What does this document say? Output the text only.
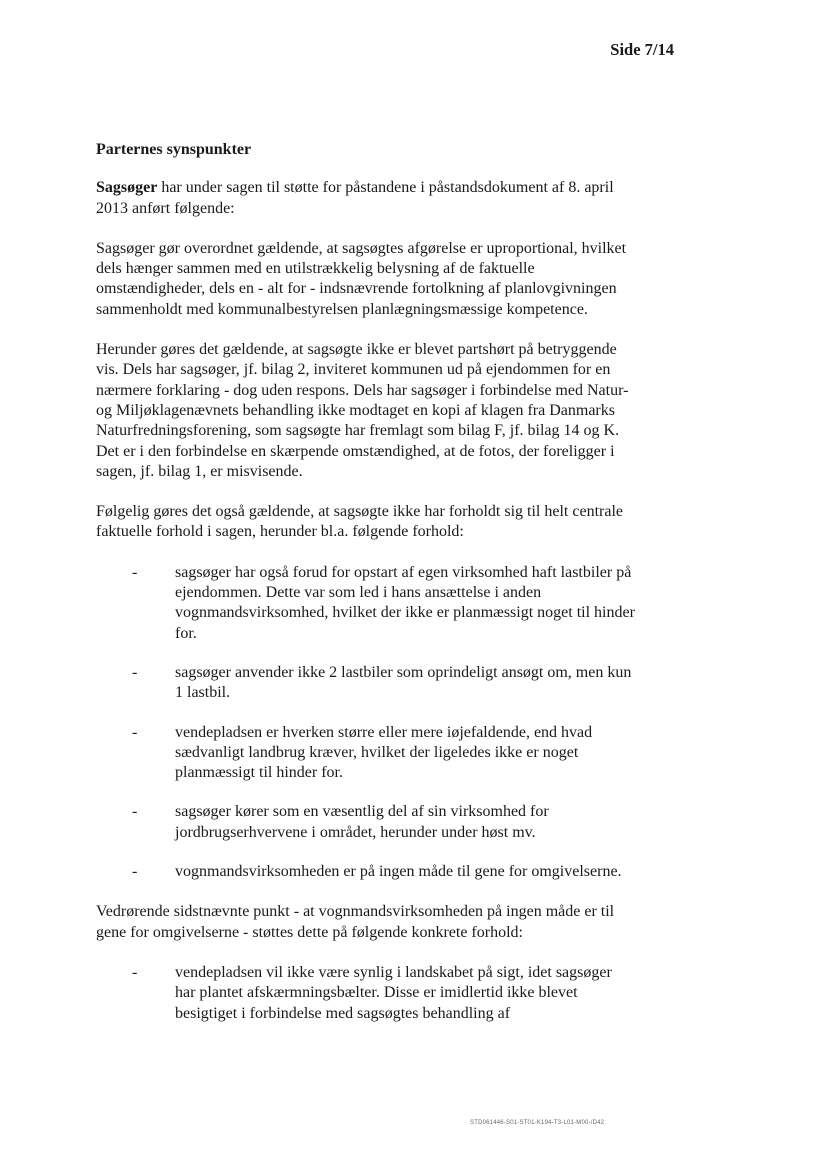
Side 7/14
Parternes synspunkter

Sagsøger har under sagen til støtte for påstandene i påstandsdokument af 8. april 2013 anført følgende:

Sagsøger gør overordnet gældende, at sagsøgtes afgørelse er uproportional, hvilket dels hænger sammen med en utilstrækkelig belysning af de faktuelle omstændigheder, dels en - alt for - indsnævrende fortolkning af planlovgivningen sammenholdt med kommunalbestyrelsen planlægningsmæssige kompetence.

Herunder gøres det gældende, at sagsøgte ikke er blevet partshørt på betryggende vis. Dels har sagsøger, jf. bilag 2, inviteret kommunen ud på ejendommen for en nærmere forklaring - dog uden respons. Dels har sagsøger i forbindelse med Natur- og Miljøklagenævnets behandling ikke modtaget en kopi af klagen fra Danmarks Naturfredningsforening, som sagsøgte har fremlagt som bilag F, jf. bilag 14 og K. Det er i den forbindelse en skærpende omstændighed, at de fotos, der foreligger i sagen, jf. bilag 1, er misvisende.

Følgelig gøres det også gældende, at sagsøgte ikke har forholdt sig til helt centrale faktuelle forhold i sagen, herunder bl.a. følgende forhold:

- sagsøger har også forud for opstart af egen virksomhed haft lastbiler på ejendommen. Dette var som led i hans ansættelse i anden vognmandsvirksomhed, hvilket der ikke er planmæssigt noget til hinder for.
- sagsøger anvender ikke 2 lastbiler som oprindeligt ansøgt om, men kun 1 lastbil.
- vendepladsen er hverken større eller mere iøjefaldende, end hvad sædvanligt landbrug kræver, hvilket der ligeledes ikke er noget planmæssigt til hinder for.
- sagsøger kører som en væsentlig del af sin virksomhed for jordbrugserhvervene i området, herunder under høst mv.
- vognmandsvirksomheden er på ingen måde til gene for omgivelserne.

Vedrørende sidstnævnte punkt - at vognmandsvirksomheden på ingen måde er til gene for omgivelserne - støttes dette på følgende konkrete forhold:

- vendepladsen vil ikke være synlig i landskabet på sigt, idet sagsøger har plantet afskærmningsbælter. Disse er imidlertid ikke blevet besigtiget i forbindelse med sagsøgtes behandling af
STD061446-S01-ST01-K194-T3-L01-M00-/D42
